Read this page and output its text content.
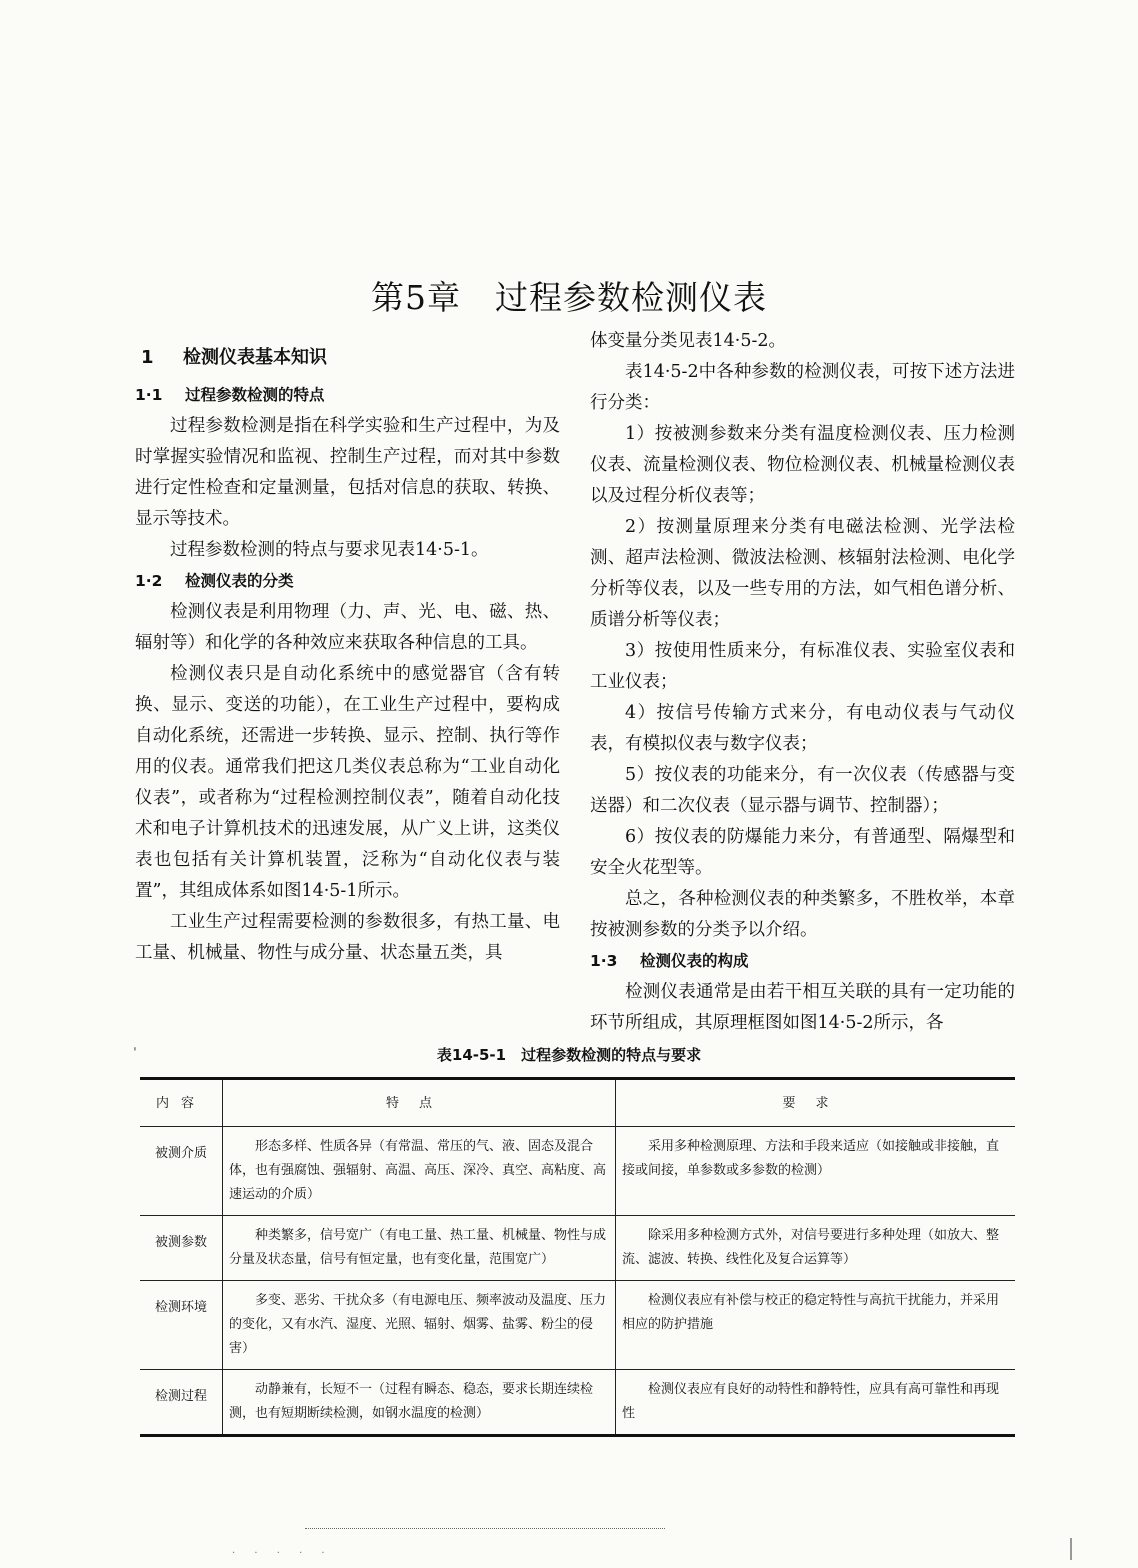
第5章　过程参数检测仪表
1 检测仪表基本知识
1·1 过程参数检测的特点

过程参数检测是指在科学实验和生产过程中，为及时掌握实验情况和监视、控制生产过程，而对其中参数进行定性检查和定量测量，包括对信息的获取、转换、显示等技术。

过程参数检测的特点与要求见表14·5-1。

1·2 检测仪表的分类

检测仪表是利用物理（力、声、光、电、磁、热、辐射等）和化学的各种效应来获取各种信息的工具。

检测仪表只是自动化系统中的感觉器官（含有转换、显示、变送的功能），在工业生产过程中，要构成自动化系统，还需进一步转换、显示、控制、执行等作用的仪表。通常我们把这几类仪表总称为“工业自动化仪表”，或者称为“过程检测控制仪表”，随着自动化技术和电子计算机技术的迅速发展，从广义上讲，这类仪表也包括有关计算机装置，泛称为“自动化仪表与装置”，其组成体系如图14·5-1所示。

工业生产过程需要检测的参数很多，有热工量、电工量、机械量、物性与成分量、状态量五类，具

体变量分类见表14·5-2。

表14·5-2中各种参数的检测仪表，可按下述方法进行分类：

1）按被测参数来分类有温度检测仪表、压力检测仪表、流量检测仪表、物位检测仪表、机械量检测仪表以及过程分析仪表等；

2）按测量原理来分类有电磁法检测、光学法检测、超声法检测、微波法检测、核辐射法检测、电化学分析等仪表，以及一些专用的方法，如气相色谱分析、质谱分析等仪表；

3）按使用性质来分，有标准仪表、实验室仪表和工业仪表；

4）按信号传输方式来分，有电动仪表与气动仪表，有模拟仪表与数字仪表；

5）按仪表的功能来分，有一次仪表（传感器与变送器）和二次仪表（显示器与调节、控制器）；

6）按仪表的防爆能力来分，有普通型、隔爆型和安全火花型等。

总之，各种检测仪表的种类繁多，不胜枚举，本章按被测参数的分类予以介绍。

1·3 检测仪表的构成

检测仪表通常是由若干相互关联的具有一定功能的环节所组成，其原理框图如图14·5-2所示，各

ˈ	表14-5-1　过程参数检测的特点与要求
内容	特点	要求
被测介质	形态多样、性质各异（有常温、常压的气、液、固态及混合体，也有强腐蚀、强辐射、高温、高压、深冷、真空、高粘度、高速运动的介质）	采用多种检测原理、方法和手段来适应（如接触或非接触，直接或间接，单参数或多参数的检测）
被测参数	种类繁多，信号宽广（有电工量、热工量、机械量、物性与成分量及状态量，信号有恒定量，也有变化量，范围宽广）	除采用多种检测方式外，对信号要进行多种处理（如放大、整流、滤波、转换、线性化及复合运算等）
检测环境	多变、恶劣、干扰众多（有电源电压、频率波动及温度、压力的变化，又有水汽、湿度、光照、辐射、烟雾、盐雾、粉尘的侵害）	检测仪表应有补偿与校正的稳定特性与高抗干扰能力，并采用相应的防护措施
检测过程	动静兼有，长短不一（过程有瞬态、稳态，要求长期连续检测，也有短期断续检测，如钢水温度的检测）	检测仪表应有良好的动特性和静特性，应具有高可靠性和再现性
· · · · ·
